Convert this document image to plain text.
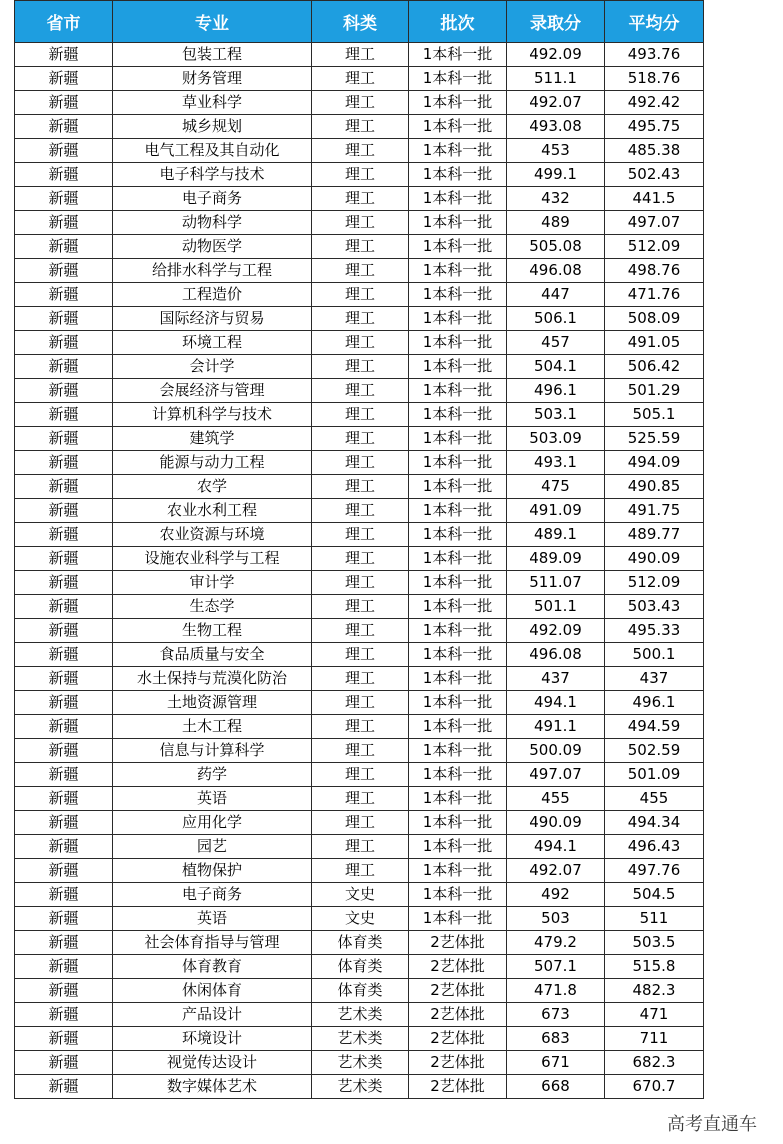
省市	专业	科类	批次	录取分	平均分
新疆	包装工程	理工	1本科一批	492.09	493.76
新疆	财务管理	理工	1本科一批	511.1	518.76
新疆	草业科学	理工	1本科一批	492.07	492.42
新疆	城乡规划	理工	1本科一批	493.08	495.75
新疆	电气工程及其自动化	理工	1本科一批	453	485.38
新疆	电子科学与技术	理工	1本科一批	499.1	502.43
新疆	电子商务	理工	1本科一批	432	441.5
新疆	动物科学	理工	1本科一批	489	497.07
新疆	动物医学	理工	1本科一批	505.08	512.09
新疆	给排水科学与工程	理工	1本科一批	496.08	498.76
新疆	工程造价	理工	1本科一批	447	471.76
新疆	国际经济与贸易	理工	1本科一批	506.1	508.09
新疆	环境工程	理工	1本科一批	457	491.05
新疆	会计学	理工	1本科一批	504.1	506.42
新疆	会展经济与管理	理工	1本科一批	496.1	501.29
新疆	计算机科学与技术	理工	1本科一批	503.1	505.1
新疆	建筑学	理工	1本科一批	503.09	525.59
新疆	能源与动力工程	理工	1本科一批	493.1	494.09
新疆	农学	理工	1本科一批	475	490.85
新疆	农业水利工程	理工	1本科一批	491.09	491.75
新疆	农业资源与环境	理工	1本科一批	489.1	489.77
新疆	设施农业科学与工程	理工	1本科一批	489.09	490.09
新疆	审计学	理工	1本科一批	511.07	512.09
新疆	生态学	理工	1本科一批	501.1	503.43
新疆	生物工程	理工	1本科一批	492.09	495.33
新疆	食品质量与安全	理工	1本科一批	496.08	500.1
新疆	水土保持与荒漠化防治	理工	1本科一批	437	437
新疆	土地资源管理	理工	1本科一批	494.1	496.1
新疆	土木工程	理工	1本科一批	491.1	494.59
新疆	信息与计算科学	理工	1本科一批	500.09	502.59
新疆	药学	理工	1本科一批	497.07	501.09
新疆	英语	理工	1本科一批	455	455
新疆	应用化学	理工	1本科一批	490.09	494.34
新疆	园艺	理工	1本科一批	494.1	496.43
新疆	植物保护	理工	1本科一批	492.07	497.76
新疆	电子商务	文史	1本科一批	492	504.5
新疆	英语	文史	1本科一批	503	511
新疆	社会体育指导与管理	体育类	2艺体批	479.2	503.5
新疆	体育教育	体育类	2艺体批	507.1	515.8
新疆	休闲体育	体育类	2艺体批	471.8	482.3
新疆	产品设计	艺术类	2艺体批	673	471
新疆	环境设计	艺术类	2艺体批	683	711
新疆	视觉传达设计	艺术类	2艺体批	671	682.3
新疆	数字媒体艺术	艺术类	2艺体批	668	670.7
高考直通车
